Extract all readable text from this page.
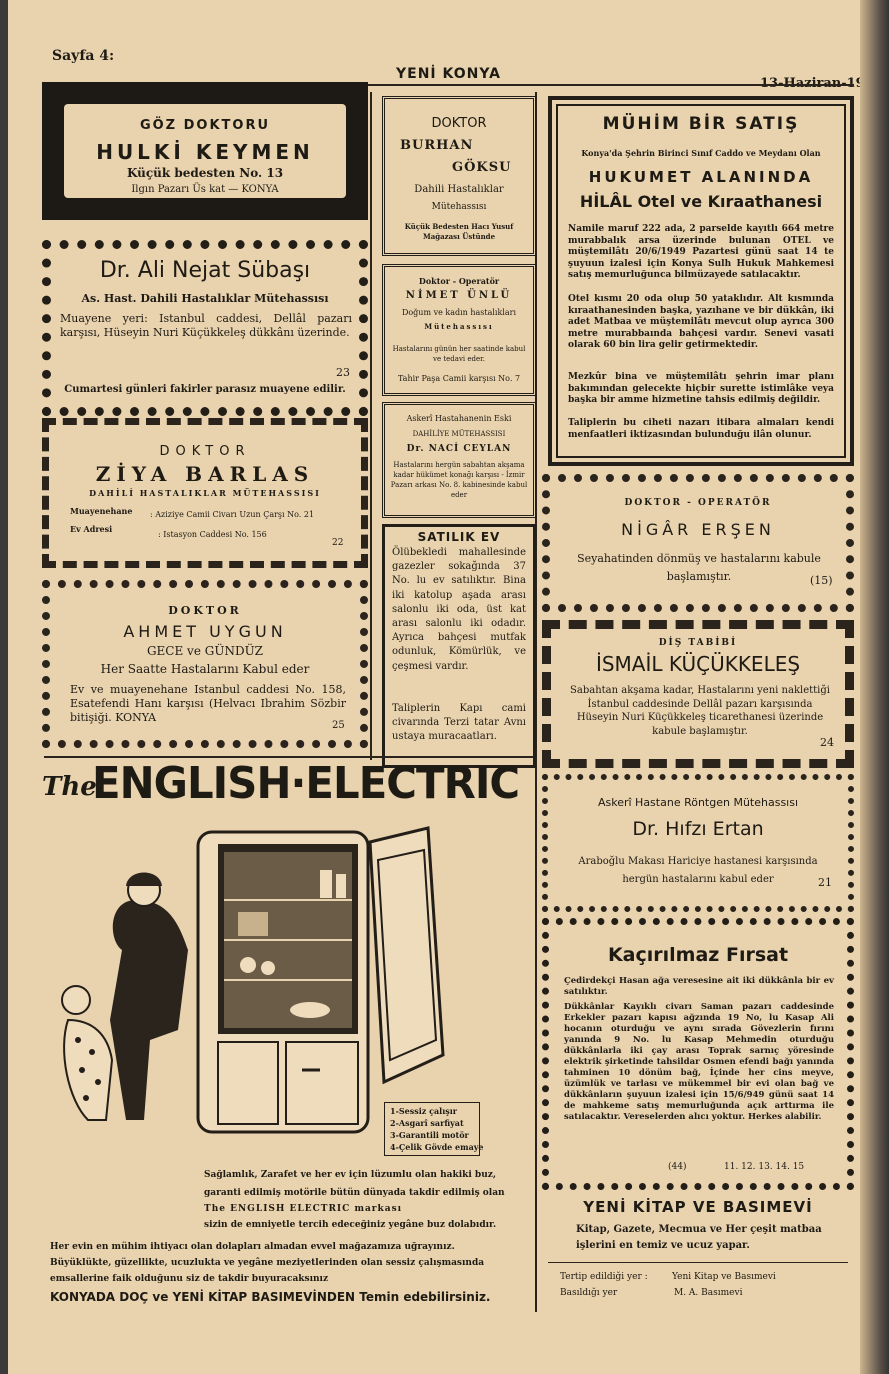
Sayfa 4:
YENİ KONYA
GÖZ DOKTORU
HULKİ KEYMEN
Küçük bedesten No. 13
Ilgın Pazarı Üs kat — KONYA
Dr. Ali Nejat Sübaşı
As. Hast. Dahili Hastalıklar Mütehassısı
Muayene yeri: Istanbul caddesi, Dellâl pazarı karşısı, Hüseyin Nuri Küçükkeleş dükkânı üzerinde.
23
Cumartesi günleri fakirler parasız muayene edilir.
DOKTOR
ZİYA BARLAS
DAHİLİ HASTALIKLAR MÜTEHASSISI
Muayenehane : Aziziye Camii Civarı Uzun Çarşı No. 21
Ev Adresi
: Istasyon Caddesi No. 156
22
DOKTOR
AHMET UYGUN
GECE ve GÜNDÜZ
Her Saatte Hastalarını Kabul eder
Ev ve muayenehane Istanbul caddesi No. 158, Esatefendi Hanı karşısı (Helvacı Ibrahim Sözbir bitişiği. KONYA
25
DOKTOR
BURHAN
GÖKSU
Dahili Hastalıklar
Mütehassısı
Küçük Bedesten Hacı Yusuf Mağazası Üstünde
Doktor - Operatör
NİMET ÜNLÜ
Doğum ve kadın hastalıkları
Mütehassısı
Hastalarını günün her saatinde kabul ve tedavi eder.
Tahir Paşa Camii karşısı No. 7
Askerî Hastahanenin Eski
DAHİLİYE MÜTEHASSISI
Dr. NACİ CEYLAN
Hastalarını hergün sabahtan akşama kadar hükümet konağı karşısı - İzmir Pazarı arkası No. 8. kabinesinde kabul eder
SATILIK EV
Ölübekledi mahallesinde gazezler sokağında 37 No. lu ev satılıktır. Bina iki katolup aşada arası salonlu iki oda, üst kat arası salonlu iki odadır. Ayrıca bahçesi mutfak odunluk, Kömürlük, ve çeşmesi vardır.
Taliplerin Kapı cami civarında Terzi tatar Avnı ustaya muracaatları.
MÜHİM BİR SATIŞ
Konya'da Şehrin Birinci Sınıf Caddo ve Meydanı Olan
HUKUMET ALANINDA
HİLÂL Otel ve Kıraathanesi
Namile maruf 222 ada, 2 parselde kayıtlı 664 metre murabbalık arsa üzerinde bulunan OTEL ve müştemilâtı 20/6/1949 Pazartesi günü saat 14 te şuyuun izalesi için Konya Sulh Hukuk Mahkemesi satış memurluğunca bilmüzayede satılacaktır.
Otel kısmı 20 oda olup 50 yataklıdır. Alt kısmında kıraathanesinden başka, yazıhane ve bir dükkân, iki adet Matbaa ve müştemilâtı mevcut olup ayrıca 300 metre murabbaında bahçesi vardır. Senevi vasati olarak 60 bin lira gelir getirmektedir.
Mezkûr bina ve müştemilâtı şehrin imar planı bakımından gelecekte hiçbir surette istimlâke veya başka bir amme hizmetine tahsis edilmiş değildir.
Taliplerin bu ciheti nazarı itibara almaları kendi menfaatleri iktizasından bulunduğu ilân olunur.
DOKTOR - OPERATÖR
NİGÂR ERŞEN
Seyahatinden dönmüş ve hastalarını kabule başlamıştır.	(15)
DİŞ TABİBİ
İSMAİL KÜÇÜKKELEŞ
Sabahtan akşama kadar, Hastalarını yeni naklettiği İstanbul caddesinde Dellâl pazarı karşısında Hüseyin Nuri Küçükkeleş ticarethanesi üzerinde kabule başlamıştır.
24
Askerî Hastane Röntgen Mütehassısı
Dr. Hıfzı Ertan
Araboğlu Makası Hariciye hastanesi karşısında
hergün hastalarını kabul eder	21
Kaçırılmaz Fırsat
Çedirdekçi Hasan ağa veresesine ait iki dükkânla bir ev satılıktır.
Dükkânlar Kayıklı civarı Saman pazarı caddesinde Erkekler pazarı kapısı ağzında 19 No, lu Kasap Ali hocanın oturduğu ve aynı sırada Gövezlerin fırını yanında 9 No. lu Kasap Mehmedin oturduğu dükkânlarla iki çay arası Toprak sarnıç yöresinde elektrik şirketinde tahsildar Osmen efendi bağı yanında tahminen 10 dönüm bağ, İçinde her cins meyve, üzümlük ve tarlası ve mükemmel bir evi olan bağ ve dükkânların şuyuun izalesi için 15/6/949 günü saat 14 de mahkeme satış memurluğunda açık arttırma ile satılacaktır. Vereselerden alıcı yoktur. Herkes alabilir.
(44)	11. 12. 13. 14. 15
YENİ KİTAP VE BASIMEVİ
Kitap, Gazete, Mecmua ve Her çeşit matbaa işlerini en temiz ve ucuz yapar.
Tertip edildiği yer :	Yeni Kitap ve Basımevi
Basıldığı yer	M. A. Basımevi
The
ENGLISH·ELECTRIC
1-Sessiz çalışır
2-Asgarî sarfiyat
3-Garantili motör
4-Çelik Gövde emaye
Sağlamlık, Zarafet ve her ev için lüzumlu olan hakiki buz,
garanti edilmiş motörile bütün dünyada takdir edilmiş olan
The ENGLISH ELECTRIC markası
sizin de emniyetle tercih edeceğiniz yegâne buz dolabıdır.
Her evin en mühim ihtiyacı olan dolapları almadan evvel mağazamıza uğrayınız.
Büyüklükte, güzellikte, ucuzlukta ve yegâne meziyetlerinden olan sessiz çalışmasında
emsallerine faik olduğunu siz de takdir buyuracaksınız
KONYADA DOÇ ve YENİ KİTAP BASIMEVİNDEN Temin edebilirsiniz.
